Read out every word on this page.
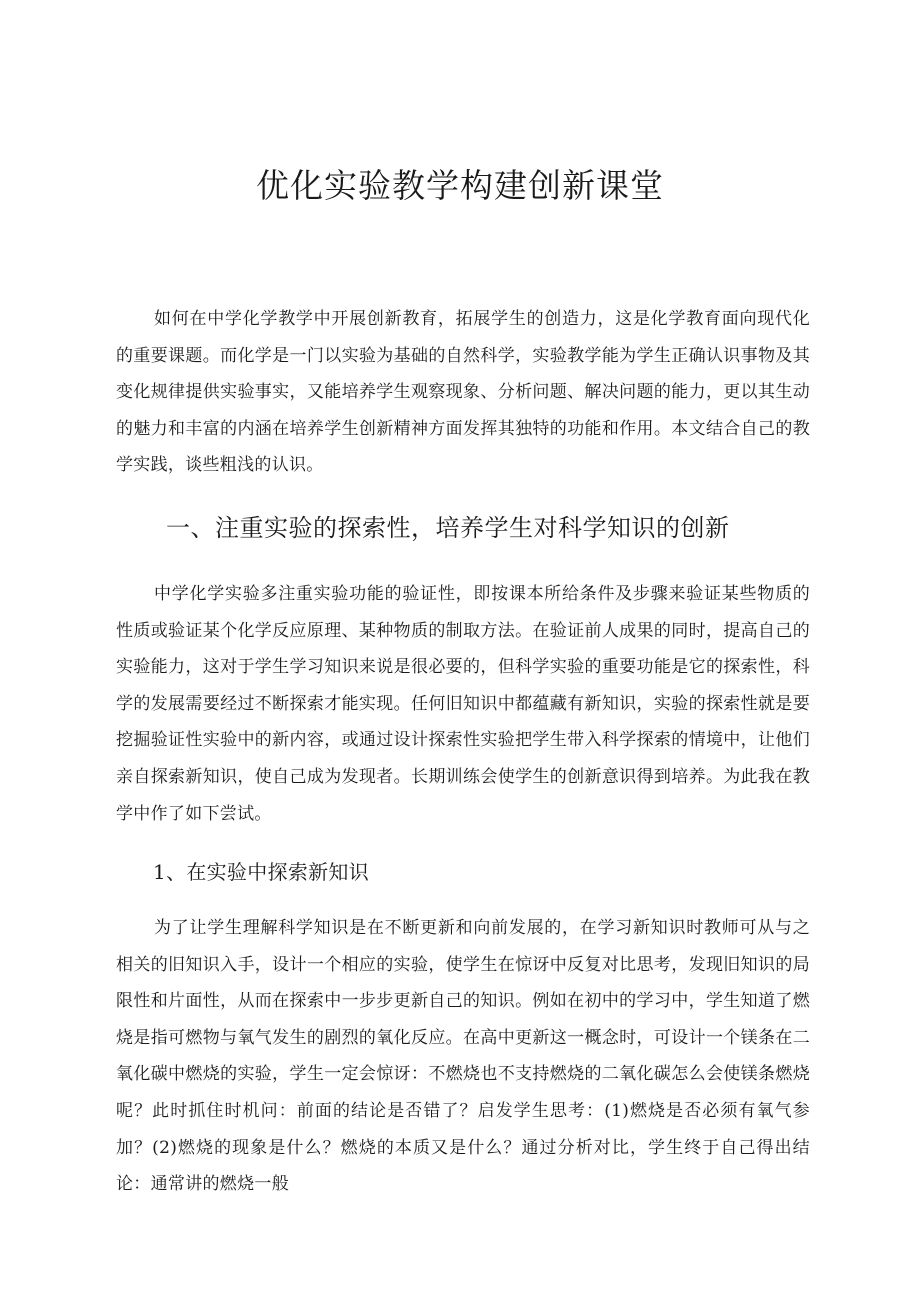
优化实验教学构建创新课堂

如何在中学化学教学中开展创新教育，拓展学生的创造力，这是化学教育面向现代化的重要课题。而化学是一门以实验为基础的自然科学，实验教学能为学生正确认识事物及其变化规律提供实验事实，又能培养学生观察现象、分析问题、解决问题的能力，更以其生动的魅力和丰富的内涵在培养学生创新精神方面发挥其独特的功能和作用。本文结合自己的教学实践，谈些粗浅的认识。

一、注重实验的探索性，培养学生对科学知识的创新

中学化学实验多注重实验功能的验证性，即按课本所给条件及步骤来验证某些物质的性质或验证某个化学反应原理、某种物质的制取方法。在验证前人成果的同时，提高自己的实验能力，这对于学生学习知识来说是很必要的，但科学实验的重要功能是它的探索性，科学的发展需要经过不断探索才能实现。任何旧知识中都蕴藏有新知识，实验的探索性就是要挖掘验证性实验中的新内容，或通过设计探索性实验把学生带入科学探索的情境中，让他们亲自探索新知识，使自己成为发现者。长期训练会使学生的创新意识得到培养。为此我在教学中作了如下尝试。

1、在实验中探索新知识

为了让学生理解科学知识是在不断更新和向前发展的，在学习新知识时教师可从与之相关的旧知识入手，设计一个相应的实验，使学生在惊讶中反复对比思考，发现旧知识的局限性和片面性，从而在探索中一步步更新自己的知识。例如在初中的学习中，学生知道了燃烧是指可燃物与氧气发生的剧烈的氧化反应。在高中更新这一概念时，可设计一个镁条在二氧化碳中燃烧的实验，学生一定会惊讶：不燃烧也不支持燃烧的二氧化碳怎么会使镁条燃烧呢？此时抓住时机问：前面的结论是否错了？启发学生思考：(1)燃烧是否必须有氧气参加？(2)燃烧的现象是什么？燃烧的本质又是什么？通过分析对比，学生终于自己得出结论：通常讲的燃烧一般
